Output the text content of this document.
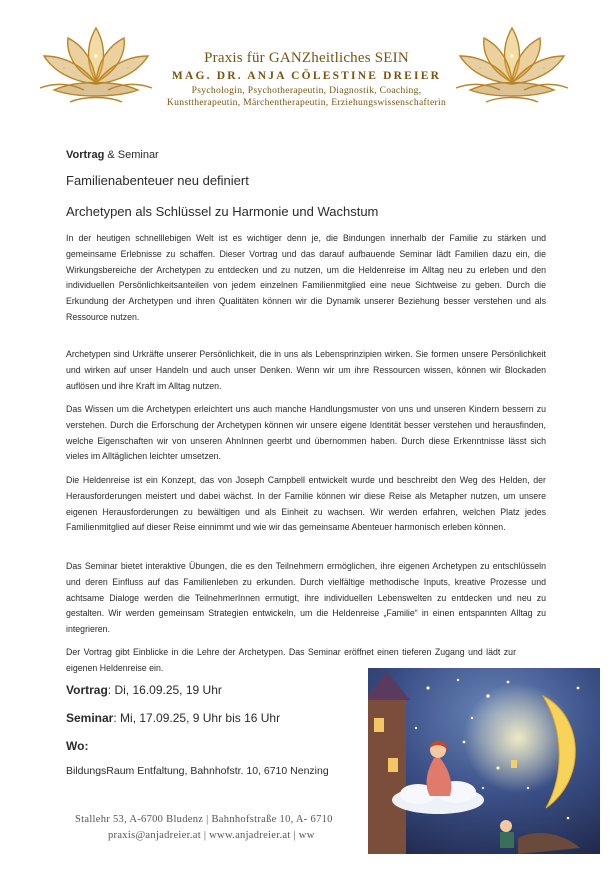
Praxis für GANZheitliches SEIN
MAG. DR. ANJA CÖLESTINE DREIER
Psychologin, Psychotherapeutin, Diagnostik, Coaching,
Kunsttherapeutin, Märchentherapeutin, Erziehungswissenschafterin
Vortrag & Seminar
Familienabenteuer neu definiert
Archetypen als Schlüssel zu Harmonie und Wachstum
In der heutigen schnelllebigen Welt ist es wichtiger denn je, die Bindungen innerhalb der Familie zu stärken und gemeinsame Erlebnisse zu schaffen. Dieser Vortrag und das darauf aufbauende Seminar lädt Familien dazu ein, die Wirkungsbereiche der Archetypen zu entdecken und zu nutzen, um die Heldenreise im Alltag neu zu erleben und den individuellen Persönlichkeitsanteilen von jedem einzelnen Familienmitglied eine neue Sichtweise zu geben. Durch die Erkundung der Archetypen und ihren Qualitäten können wir die Dynamik unserer Beziehung besser verstehen und als Ressource nutzen.
Archetypen sind Urkräfte unserer Persönlichkeit, die in uns als Lebensprinzipien wirken. Sie formen unsere Persönlichkeit und wirken auf unser Handeln und auch unser Denken. Wenn wir um ihre Ressourcen wissen, können wir Blockaden auflösen und ihre Kraft im Alltag nutzen.
Das Wissen um die Archetypen erleichtert uns auch manche Handlungsmuster von uns und unseren Kindern bessern zu verstehen. Durch die Erforschung der Archetypen können wir unsere eigene Identität besser verstehen und herausfinden, welche Eigenschaften wir von unseren AhnInnen geerbt und übernommen haben. Durch diese Erkenntnisse lässt sich vieles im Alltäglichen leichter umsetzen.
Die Heldenreise ist ein Konzept, das von Joseph Campbell entwickelt wurde und beschreibt den Weg des Helden, der Herausforderungen meistert und dabei wächst. In der Familie können wir diese Reise als Metapher nutzen, um unsere eigenen Herausforderungen zu bewältigen und als Einheit zu wachsen. Wir werden erfahren, welchen Platz jedes Familienmitglied auf dieser Reise einnimmt und wie wir das gemeinsame Abenteuer harmonisch erleben können.
Das Seminar bietet interaktive Übungen, die es den Teilnehmern ermöglichen, ihre eigenen Archetypen zu entschlüsseln und deren Einfluss auf das Familienleben zu erkunden. Durch vielfältige methodische Inputs, kreative Prozesse und achtsame Dialoge werden die TeilnehmerInnen ermutigt, ihre individuellen Lebenswelten zu entdecken und neu zu gestalten. Wir werden gemeinsam Strategien entwickeln, um die Heldenreise „Familie“ in einen entspannten Alltag zu integrieren.
Der Vortrag gibt Einblicke in die Lehre der Archetypen. Das Seminar eröffnet einen tieferen Zugang und lädt zur eigenen Heldenreise ein.
Vortrag: Di, 16.09.25, 19 Uhr
Seminar: Mi, 17.09.25, 9 Uhr bis 16 Uhr
Wo:
BildungsRaum Entfaltung, Bahnhofstr. 10, 6710 Nenzing
Stallehr 53, A-6700 Bludenz | Bahnhofstraße 10, A- 6710
praxis@anjadreier.at | www.anjadreier.at | ww
